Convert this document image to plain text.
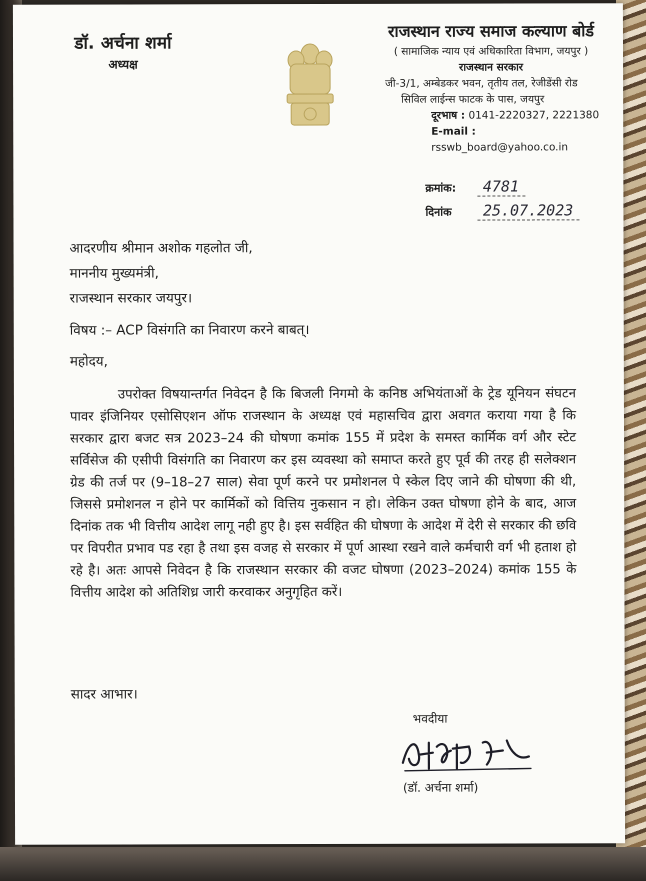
डॉ. अर्चना शर्मा
अध्यक्ष
राजस्थान राज्य समाज कल्याण बोर्ड
( सामाजिक न्याय एवं अधिकारिता विभाग, जयपुर )
राजस्थान सरकार
जी-3/1, अम्बेडकर भवन, तृतीय तल, रेजीडेंसी रोड
सिविल लाईन्स फाटक के पास, जयपुर
दूरभाष : 0141-2220327, 2221380
E-mail : rsswb_board@yahoo.co.in
क्रमांक: 4781
दिनांक 25.07.2023
आदरणीय श्रीमान अशोक गहलोत जी,
माननीय मुख्यमंत्री,
राजस्थान सरकार जयपुर।
विषय :– ACP विसंगति का निवारण करने बाबत्।
महोदय,

उपरोक्त विषयान्तर्गत निवेदन है कि बिजली निगमो के कनिष्ठ अभियंताओं के ट्रेड यूनियन संघटन पावर इंजिनियर एसोसिएशन ऑफ राजस्थान के अध्यक्ष एवं महासचिव द्वारा अवगत कराया गया है कि सरकार द्वारा बजट सत्र 2023–24 की घोषणा कमांक 155 में प्रदेश के समस्त कार्मिक वर्ग और स्टेट सर्विसेज की एसीपी विसंगति का निवारण कर इस व्यवस्था को समाप्त करते हुए पूर्व की तरह ही सलेक्शन ग्रेड की तर्ज पर (9–18–27 साल) सेवा पूर्ण करने पर प्रमोशनल पे स्केल दिए जाने की घोषणा की थी, जिससे प्रमोशनल न होने पर कार्मिकों को वित्तिय नुकसान न हो। लेकिन उक्त घोषणा होने के बाद, आज दिनांक तक भी वित्तीय आदेश लागू नही हुए है। इस सर्वहित की घोषणा के आदेश में देरी से सरकार की छवि पर विपरीत प्रभाव पड रहा है तथा इस वजह से सरकार में पूर्ण आस्था रखने वाले कर्मचारी वर्ग भी हताश हो रहे है। अतः आपसे निवेदन है कि राजस्थान सरकार की वजट घोषणा (2023–2024) कमांक 155 के वित्तीय आदेश को अतिशिध्र जारी करवाकर अनुगृहित करें।

सादर आभार।
भवदीया
(डॉ. अर्चना शर्मा)
